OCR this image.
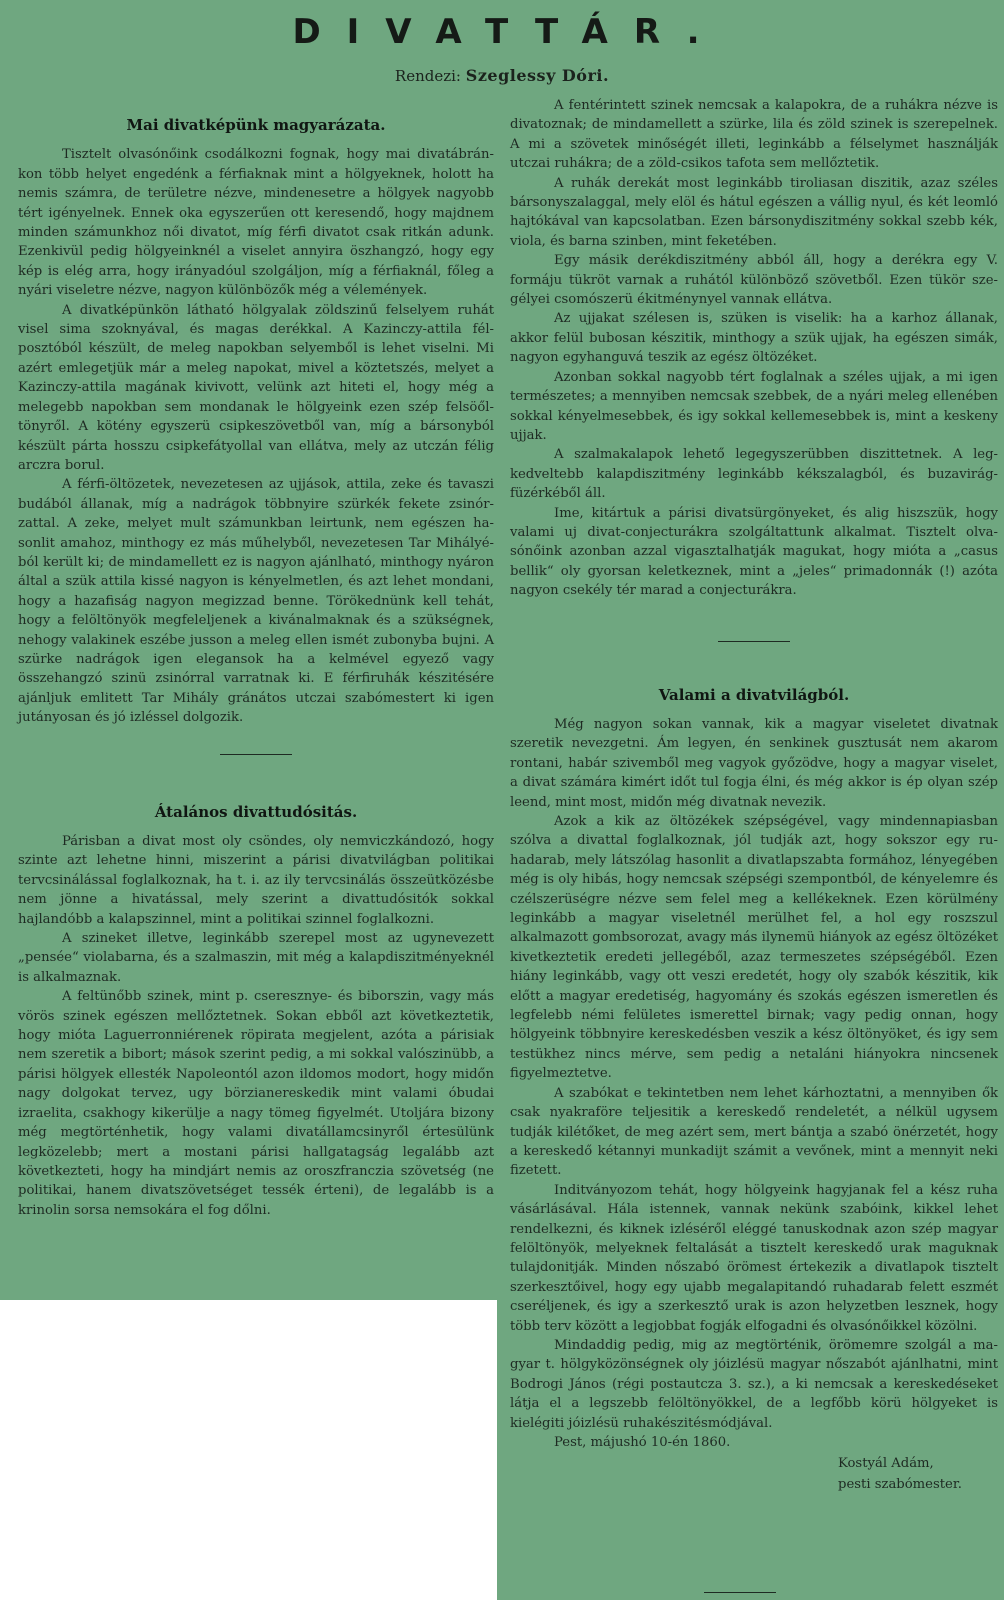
DIVATTÁR.
Rendezi: Szeglessy Dóri.
Mai divatképünk magyarázata.

Tisztelt olvasónőink csodálkozni fognak, hogy mai divatábránkon több helyet engedénk a férfiaknak mint a hölgyeknek, holott ha nemis számra, de területre nézve, mindenesetre a hölgyek nagyobb tért igényelnek. Ennek oka egyszerűen ott keresendő, hogy majdnem minden számunkhoz női divatot, míg férfi divatot csak ritkán adunk. Ezenkivül pedig hölgyeinknél a viselet annyira öszhangzó, hogy egy kép is elég arra, hogy irányadóul szolgáljon, míg a férfiaknál, főleg a nyári viseletre nézve, nagyon különbözők még a vélemények.

A divatképünkön látható hölgyalak zöldszinű felselyem ruhát visel sima szoknyával, és magas derékkal. A Kazinczy-attila félposztóból készült, de meleg napokban selyemből is lehet viselni. Mi azért emlegetjük már a meleg napokat, mivel a köztetszés, melyet a Kazinczy-attila magának kivivott, velünk azt hiteti el, hogy még a melegebb napokban sem mondanak le hölgyeink ezen szép felsöőltönyről. A kötény egyszerü csipkeszövetből van, míg a bársonyból készült párta hosszu csipkefátyollal van ellátva, mely az utczán félig arczra borul.

A férfi-öltözetek, nevezetesen az ujjások, attila, zeke és tavaszi budából állanak, míg a nadrágok többnyire szürkék fekete zsinórzattal. A zeke, melyet mult számunkban leirtunk, nem egészen hasonlit amahoz, minthogy ez más műhelyből, nevezetesen Tar Mihályéból került ki; de mindamellett ez is nagyon ajánlható, minthogy nyáron által a szük attila kissé nagyon is kényelmetlen, és azt lehet mondani, hogy a hazafiság nagyon megizzad benne. Törökednünk kell tehát, hogy a felöltönyök megfeleljenek a kivánalmaknak és a szükségnek, nehogy valakinek eszébe jusson a meleg ellen ismét zubonyba bujni. A szürke nadrágok igen elegansok ha a kelmével egyező vagy összehangzó szinü zsinórral varratnak ki. E férfiruhák készitésére ajánljuk emlitett Tar Mihály gránátos utczai szabómestert ki igen jutányosan és jó izléssel dolgozik.

Átalános divattudósitás.

Párisban a divat most oly csöndes, oly nemviczkándozó, hogy szinte azt lehetne hinni, miszerint a párisi divatvilágban politikai tervcsinálással foglalkoznak, ha t. i. az ily tervcsinálás összeütközésbe nem jönne a hivatással, mely szerint a divattudósitók sokkal hajlandóbb a kalapszinnel, mint a politikai szinnel foglalkozni.

A szineket illetve, leginkább szerepel most az ugynevezett „pensée“ violabarna, és a szalmaszin, mit még a kalapdiszitményeknél is alkalmaznak.

A feltünőbb szinek, mint p. cseresznye- és biborszin, vagy más vörös szinek egészen mellőztetnek. Sokan ebből azt következtetik, hogy mióta Laguerronniérenek röpirata megjelent, azóta a párisiak nem szeretik a bibort; mások szerint pedig, a mi sokkal valószinübb, a párisi hölgyek ellesték Napoleontól azon ildomos modort, hogy midőn nagy dolgokat tervez, ugy börzianereskedik mint valami óbudai izraelita, csakhogy kikerülje a nagy tömeg figyelmét. Utoljára bizony még megtörténhetik, hogy valami divatállamcsinyről értesülünk legközelebb; mert a mostani párisi hallgatagság legalább azt következteti, hogy ha mindjárt nemis az oroszfranczia szövetség (ne politikai, hanem divatszövetséget tessék érteni), de legalább is a krinolin sorsa nemsokára el fog dőlni.

A fentérintett szinek nemcsak a kalapokra, de a ruhákra nézve is divatoznak; de mindamellett a szürke, lila és zöld szinek is szerepelnek. A mi a szövetek minőségét illeti, leginkább a félselymet használják utczai ruhákra; de a zöld-csikos tafota sem mellőztetik.

A ruhák derekát most leginkább tiroliasan diszitik, azaz széles bársonyszalaggal, mely elöl és hátul egészen a vállig nyul, és két leomló hajtókával van kapcsolatban. Ezen bársonydiszitmény sokkal szebb kék, viola, és barna szinben, mint feketében.

Egy másik derékdiszitmény abból áll, hogy a derékra egy V. formáju tükröt varnak a ruhától különböző szövetből. Ezen tükör szegélyei csomószerü ékitménynyel vannak ellátva.

Az ujjakat szélesen is, szüken is viselik: ha a karhoz állanak, akkor felül bubosan készitik, minthogy a szük ujjak, ha egészen simák, nagyon egyhanguvá teszik az egész öltözéket.

Azonban sokkal nagyobb tért foglalnak a széles ujjak, a mi igen természetes; a mennyiben nemcsak szebbek, de a nyári meleg ellenében sokkal kényelmesebbek, és igy sokkal kellemesebbek is, mint a keskeny ujjak.

A szalmakalapok lehető legegyszerübben diszittetnek. A legkedveltebb kalapdiszitmény leginkább kékszalagból, és buzavirágfüzérkéből áll.

Ime, kitártuk a párisi divatsürgönyeket, és alig hiszszük, hogy valami uj divat-conjecturákra szolgáltattunk alkalmat. Tisztelt olvasónőink azonban azzal vigasztalhatják magukat, hogy mióta a „casus bellik“ oly gyorsan keletkeznek, mint a „jeles“ primadonnák (!) azóta nagyon csekély tér marad a conjecturákra.

Valami a divatvilágból.

Még nagyon sokan vannak, kik a magyar viseletet divatnak szeretik nevezgetni. Ám legyen, én senkinek gusztusát nem akarom rontani, habár szivemből meg vagyok győzödve, hogy a magyar viselet, a divat számára kimért időt tul fogja élni, és még akkor is ép olyan szép leend, mint most, midőn még divatnak nevezik.

Azok a kik az öltözékek szépségével, vagy mindennapiasban szólva a divattal foglalkoznak, jól tudják azt, hogy sokszor egy ruhadarab, mely látszólag hasonlit a divatlapszabta formához, lényegében még is oly hibás, hogy nemcsak szépségi szempontból, de kényelemre és czélszerüségre nézve sem felel meg a kellékeknek. Ezen körülmény leginkább a magyar viseletnél merülhet fel, a hol egy roszszul alkalmazott gombsorozat, avagy más ilynemü hiányok az egész öltözéket kivetkeztetik eredeti jellegéből, azaz termeszetes szépségéből. Ezen hiány leginkább, vagy ott veszi eredetét, hogy oly szabók készitik, kik előtt a magyar eredetiség, hagyomány és szokás egészen ismeretlen és legfelebb némi felületes ismerettel birnak; vagy pedig onnan, hogy hölgyeink többnyire kereskedésben veszik a kész öltönyöket, és igy sem testükhez nincs mérve, sem pedig a netaláni hiányokra nincsenek figyelmeztetve.

A szabókat e tekintetben nem lehet kárhoztatni, a mennyiben ők csak nyakraföre teljesitik a kereskedő rendeletét, a nélkül ugysem tudják kilétőket, de meg azért sem, mert bántja a szabó önérzetét, hogy a kereskedő kétannyi munkadijt számit a vevőnek, mint a mennyit neki fizetett.

Inditványozom tehát, hogy hölgyeink hagyjanak fel a kész ruha vásárlásával. Hála istennek, vannak nekünk szabóink, kikkel lehet rendelkezni, és kiknek izléséről eléggé tanuskodnak azon szép magyar felöltönyök, melyeknek feltalását a tisztelt kereskedő urak maguknak tulajdonitják. Minden nőszabó örömest értekezik a divatlapok tisztelt szerkesztőivel, hogy egy ujabb megalapitandó ruhadarab felett eszmét cseréljenek, és igy a szerkesztő urak is azon helyzetben lesznek, hogy több terv között a legjobbat fogják elfogadni és olvasónőikkel közölni.

Mindaddig pedig, mig az megtörténik, örömemre szolgál a magyar t. hölgyközönségnek oly jóizlésü magyar nőszabót ajánlhatni, mint Bodrogi János (régi postautcza 3. sz.), a ki nemcsak a kereskedéseket látja el a legszebb felöltönyökkel, de a legfőbb körü hölgyeket is kielégiti jóizlésü ruhakészitésmódjával.

Pest, májushó 10-én 1860.

Kostyál Adám,
pesti szabómester.
